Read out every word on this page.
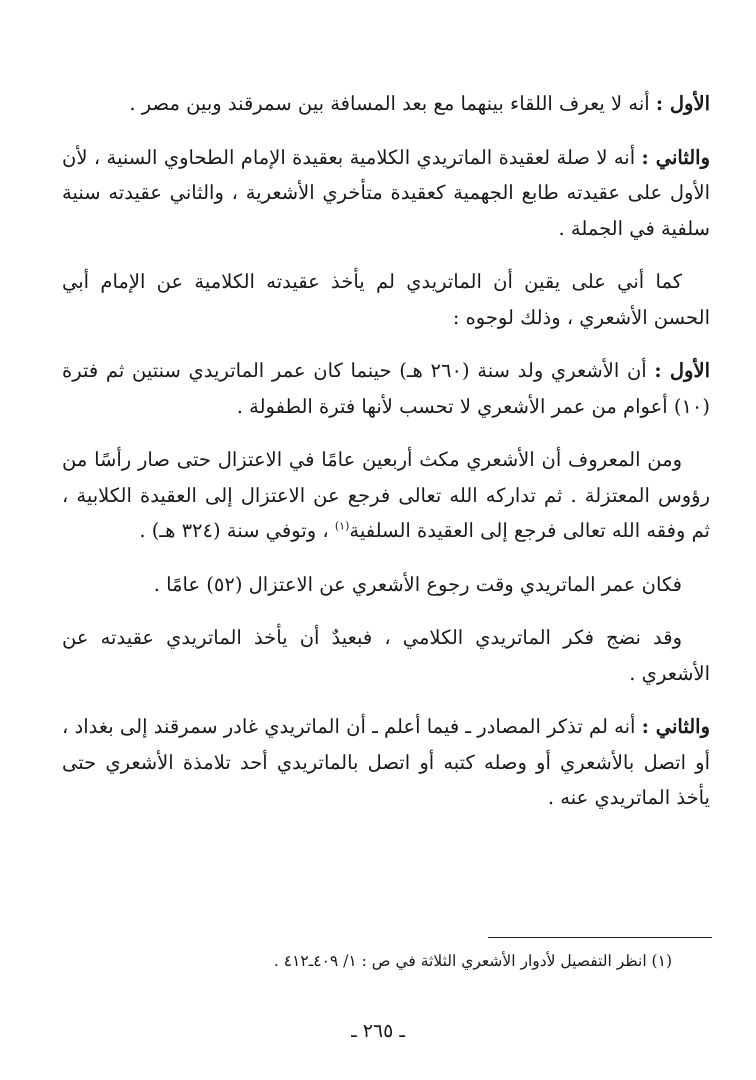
الأول : أنه لا يعرف اللقاء بينهما مع بعد المسافة بين سمرقند وبين مصر .

والثاني : أنه لا صلة لعقيدة الماتريدي الكلامية بعقيدة الإمام الطحاوي السنية ، لأن الأول على عقيدته طابع الجهمية كعقيدة متأخري الأشعرية ، والثاني عقيدته سنية سلفية في الجملة .

كما أني على يقين أن الماتريدي لم يأخذ عقيدته الكلامية عن الإمام أبي الحسن الأشعري ، وذلك لوجوه :

الأول : أن الأشعري ولد سنة (٢٦٠ هـ) حينما كان عمر الماتريدي سنتين ثم فترة (١٠) أعوام من عمر الأشعري لا تحسب لأنها فترة الطفولة .

ومن المعروف أن الأشعري مكث أربعين عامًا في الاعتزال حتى صار رأسًا من رؤوس المعتزلة . ثم تداركه الله تعالى فرجع عن الاعتزال إلى العقيدة الكلابية ، ثم وفقه الله تعالى فرجع إلى العقيدة السلفية$^{(١)}$ ، وتوفي سنة (٣٢٤ هـ) .

فكان عمر الماتريدي وقت رجوع الأشعري عن الاعتزال (٥٢) عامًا .

وقد نضج فكر الماتريدي الكلامي ، فبعيدٌ أن يأخذ الماتريدي عقيدته عن الأشعري .

والثاني : أنه لم تذكر المصادر ـ فيما أعلم ـ أن الماتريدي غادر سمرقند إلى بغداد ، أو اتصل بالأشعري أو وصله كتبه أو اتصل بالماتريدي أحد تلامذة الأشعري حتى يأخذ الماتريدي عنه .

(١) انظر التفصيل لأدوار الأشعري الثلاثة في ص : ١/ ٤٠٩ـ٤١٢ .
ـ ٢٦٥ ـ
